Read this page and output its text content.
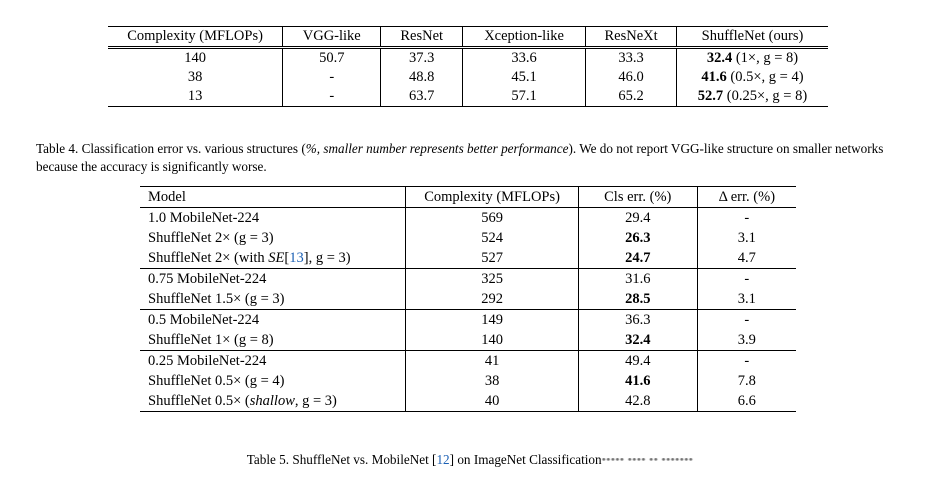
Complexity (MFLOPs)	VGG-like	ResNet	Xception-like	ResNeXt	ShuffleNet (ours)
140	50.7	37.3	33.6	33.3	32.4 (1×, g = 8)
38	-	48.8	45.1	46.0	41.6 (0.5×, g = 4)
13	-	63.7	57.1	65.2	52.7 (0.25×, g = 8)
Table 4. Classification error vs. various structures (%, smaller number represents better performance). We do not report VGG-like structure on smaller networks because the accuracy is significantly worse.
Model	Complexity (MFLOPs)	Cls err. (%)	Δ err. (%)
1.0 MobileNet-224	569	29.4	-
ShuffleNet 2× (g = 3)	524	26.3	3.1
ShuffleNet 2× (with SE[13], g = 3)	527	24.7	4.7
0.75 MobileNet-224	325	31.6	-
ShuffleNet 1.5× (g = 3)	292	28.5	3.1
0.5 MobileNet-224	149	36.3	-
ShuffleNet 1× (g = 8)	140	32.4	3.9
0.25 MobileNet-224	41	49.4	-
ShuffleNet 0.5× (g = 4)	38	41.6	7.8
ShuffleNet 0.5× (shallow, g = 3)	40	42.8	6.6
Table 5. ShuffleNet vs. MobileNet [12] on ImageNet Classification••••• •••• •• •••••••
